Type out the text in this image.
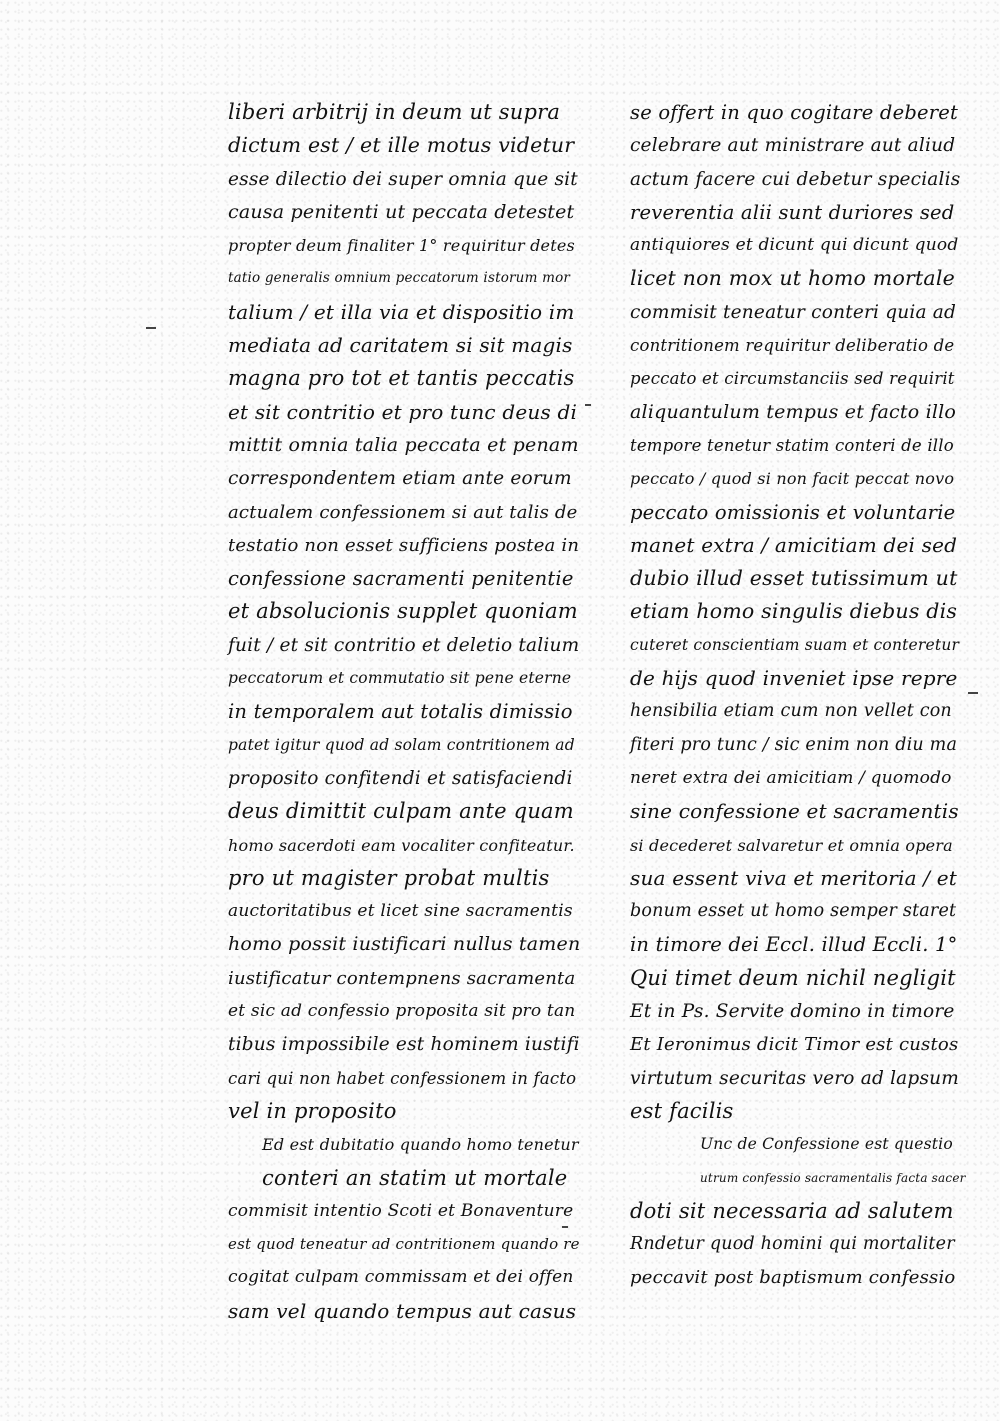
liberi arbitrij in deum ut supra
dictum est / et ille motus videtur
esse dilectio dei super omnia que sit
causa penitenti ut peccata detestet
propter deum finaliter 1° requiritur detes
tatio generalis omnium peccatorum istorum mor
talium / et illa via et dispositio im
mediata ad caritatem si sit magis
magna pro tot et tantis peccatis
et sit contritio et pro tunc deus di
mittit omnia talia peccata et penam
correspondentem etiam ante eorum
actualem confessionem si aut talis de
testatio non esset sufficiens postea in
confessione sacramenti penitentie
et absolucionis supplet quoniam
fuit / et sit contritio et deletio talium
peccatorum et commutatio sit pene eterne
in temporalem aut totalis dimissio
patet igitur quod ad solam contritionem ad
proposito confitendi et satisfaciendi
deus dimittit culpam ante quam
homo sacerdoti eam vocaliter confiteatur.
pro ut magister probat multis
auctoritatibus et licet sine sacramentis
homo possit iustificari nullus tamen
iustificatur contempnens sacramenta
et sic ad confessio proposita sit pro tan
tibus impossibile est hominem iustifi
cari qui non habet confessionem in facto
vel in proposito
Ed est dubitatio quando homo tenetur
conteri an statim ut mortale
commisit intentio Scoti et Bonaventure
est quod teneatur ad contritionem quando re
cogitat culpam commissam et dei offen
sam vel quando tempus aut casus
se offert in quo cogitare deberet
celebrare aut ministrare aut aliud
actum facere cui debetur specialis
reverentia alii sunt duriores sed
antiquiores et dicunt qui dicunt quod
licet non mox ut homo mortale
commisit teneatur conteri quia ad
contritionem requiritur deliberatio de
peccato et circumstanciis sed requirit
aliquantulum tempus et facto illo
tempore tenetur statim conteri de illo
peccato / quod si non facit peccat novo
peccato omissionis et voluntarie
manet extra / amicitiam dei sed
dubio illud esset tutissimum ut
etiam homo singulis diebus dis
cuteret conscientiam suam et conteretur
de hijs quod inveniet ipse repre
hensibilia etiam cum non vellet con
fiteri pro tunc / sic enim non diu ma
neret extra dei amicitiam / quomodo
sine confessione et sacramentis
si decederet salvaretur et omnia opera
sua essent viva et meritoria / et
bonum esset ut homo semper staret
in timore dei Eccl. illud Eccli. 1°
Qui timet deum nichil negligit
Et in Ps. Servite domino in timore
Et Ieronimus dicit Timor est custos
virtutum securitas vero ad lapsum
est facilis
Unc de Confessione est questio
utrum confessio sacramentalis facta sacer
doti sit necessaria ad salutem
Rndetur quod homini qui mortaliter
peccavit post baptismum confessio
